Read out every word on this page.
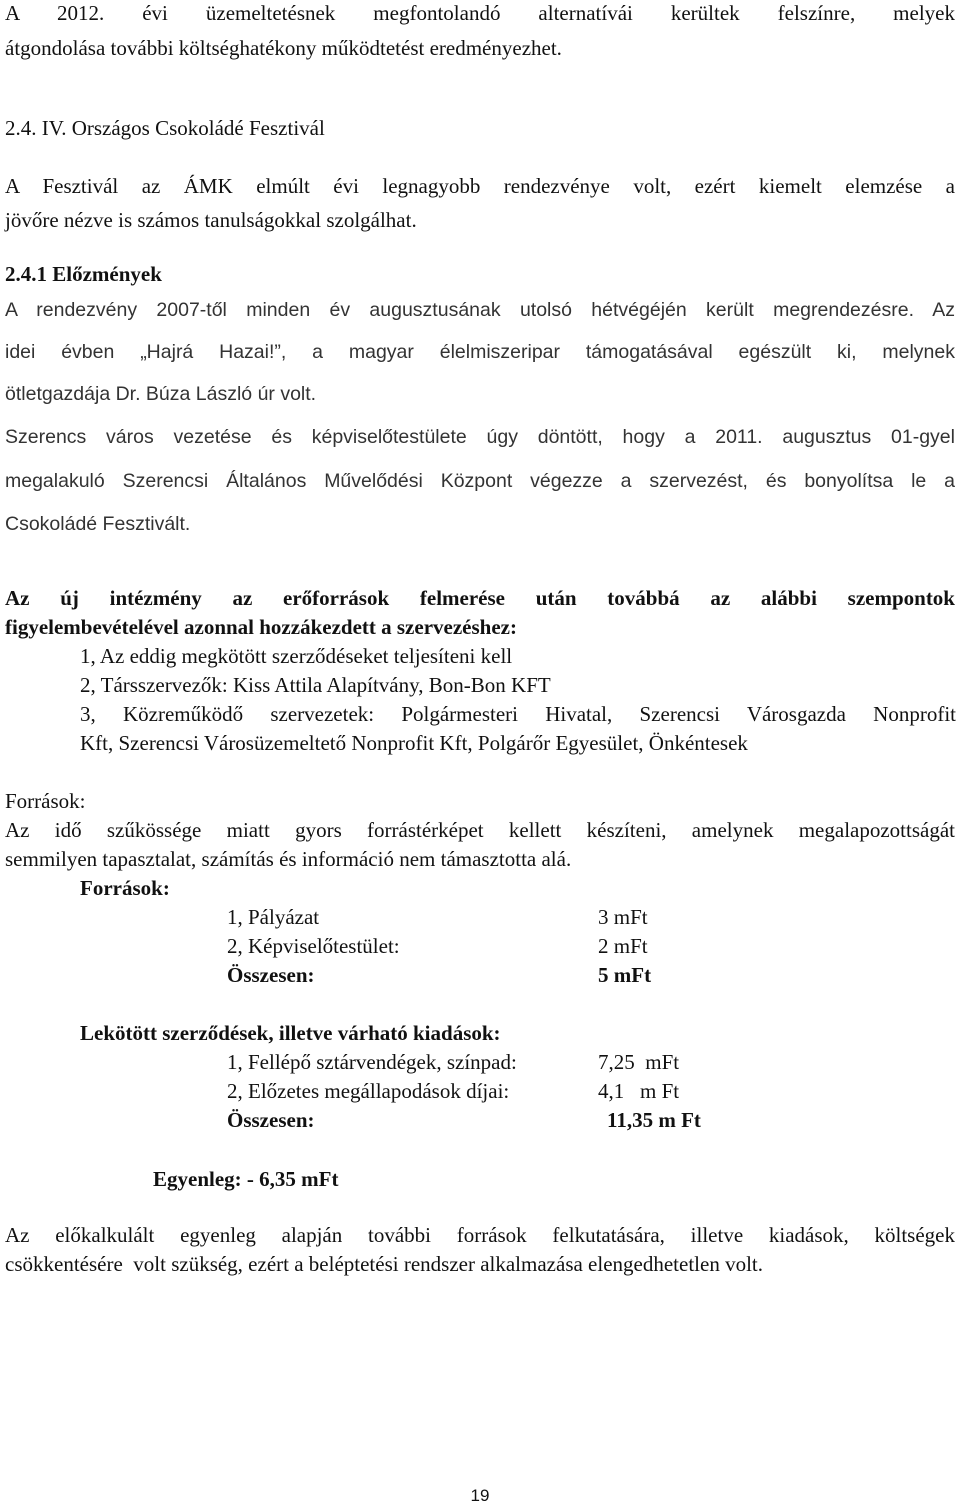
A 2012. évi üzemeltetésnek megfontolandó alternatívái kerültek felszínre, melyek
átgondolása további költséghatékony működtetést eredményezhet.
2.4. IV. Országos Csokoládé Fesztivál
A Fesztivál az ÁMK elmúlt évi legnagyobb rendezvénye volt, ezért kiemelt elemzése a
jövőre nézve is számos tanulságokkal szolgálhat.
2.4.1 Előzmények
A rendezvény 2007-től minden év augusztusának utolsó hétvégéjén került megrendezésre. Az
idei évben „Hajrá Hazai!”, a magyar élelmiszeripar támogatásával egészült ki, melynek
ötletgazdája Dr. Búza László úr volt.
Szerencs város vezetése és képviselőtestülete úgy döntött, hogy a 2011. augusztus 01-gyel
megalakuló Szerencsi Általános Művelődési Központ végezze a szervezést, és bonyolítsa le a
Csokoládé Fesztivált.
Az új intézmény az erőforrások felmerése után továbbá az alábbi szempontok
figyelembevételével azonnal hozzákezdett a szervezéshez:
1, Az eddig megkötött szerződéseket teljesíteni kell
2, Társszervezők: Kiss Attila Alapítvány, Bon-Bon KFT
3, Közreműködő szervezetek: Polgármesteri Hivatal, Szerencsi Városgazda Nonprofit
Kft, Szerencsi Városüzemeltető Nonprofit Kft, Polgárőr Egyesület, Önkéntesek
Források:
Az idő szűkössége miatt gyors forrástérképet kellett készíteni, amelynek megalapozottságát
semmilyen tapasztalat, számítás és információ nem támasztotta alá.
Források:
1, Pályázat	3 mFt
2, Képviselőtestület:	2 mFt
Összesen:	5 mFt
Lekötött szerződések, illetve várható kiadások:
1, Fellépő sztárvendégek, színpad:	7,25  mFt
2, Előzetes megállapodások díjai:	4,1   m Ft
Összesen:	11,35 m Ft
Egyenleg: - 6,35 mFt
Az előkalkulált egyenleg alapján további források felkutatására, illetve kiadások, költségek
csökkentésére  volt szükség, ezért a beléptetési rendszer alkalmazása elengedhetetlen volt.
19
